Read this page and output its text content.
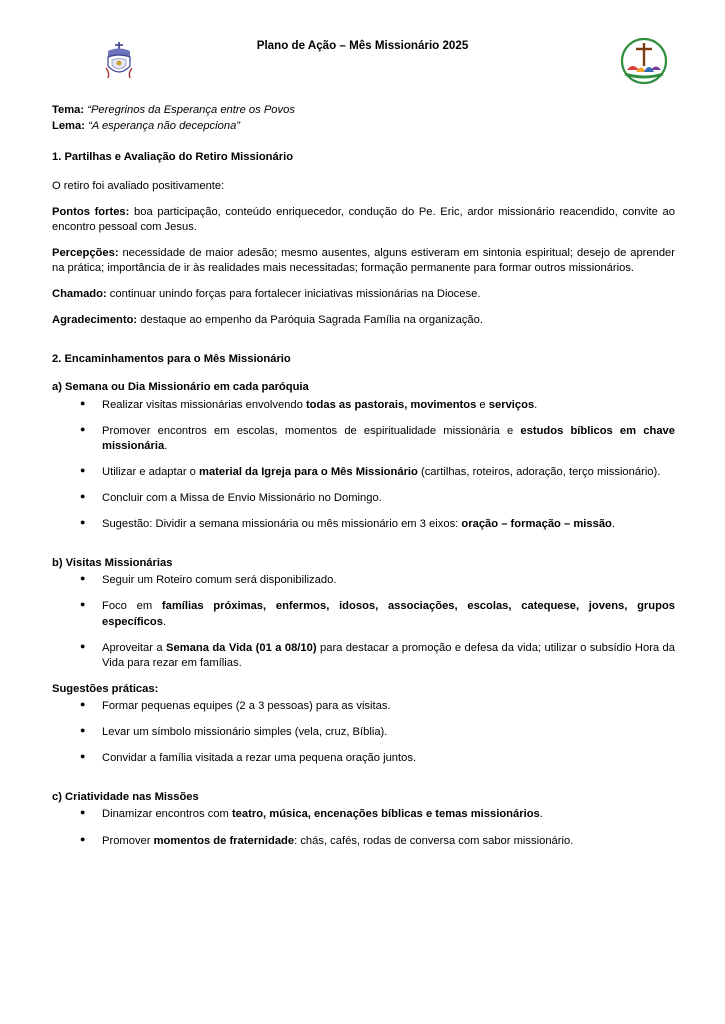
Plano de Ação – Mês Missionário 2025
Tema: “Peregrinos da Esperança entre os Povos
Lema: “A esperança não decepciona”

1. Partilhas e Avaliação do Retiro Missionário

O retiro foi avaliado positivamente:

Pontos fortes: boa participação, conteúdo enriquecedor, condução do Pe. Eric, ardor missionário reacendido, convite ao encontro pessoal com Jesus.

Percepções: necessidade de maior adesão; mesmo ausentes, alguns estiveram em sintonia espiritual; desejo de aprender na prática; importância de ir às realidades mais necessitadas; formação permanente para formar outros missionários.

Chamado: continuar unindo forças para fortalecer iniciativas missionárias na Diocese.

Agradecimento: destaque ao empenho da Paróquia Sagrada Família na organização.

2. Encaminhamentos para o Mês Missionário

a) Semana ou Dia Missionário em cada paróquia

● Realizar visitas missionárias envolvendo todas as pastorais, movimentos e serviços.
● Promover encontros em escolas, momentos de espiritualidade missionária e estudos bíblicos em chave missionária.
● Utilizar e adaptar o material da Igreja para o Mês Missionário (cartilhas, roteiros, adoração, terço missionário).
● Concluir com a Missa de Envio Missionário no Domingo.
● Sugestão: Dividir a semana missionária ou mês missionário em 3 eixos: oração – formação – missão.

b) Visitas Missionárias

● Seguir um Roteiro comum será disponibilizado.
● Foco em famílias próximas, enfermos, idosos, associações, escolas, catequese, jovens, grupos específicos.
● Aproveitar a Semana da Vida (01 a 08/10) para destacar a promoção e defesa da vida; utilizar o subsídio Hora da Vida para rezar em famílias.

Sugestões práticas:

● Formar pequenas equipes (2 a 3 pessoas) para as visitas.
● Levar um símbolo missionário simples (vela, cruz, Bíblia).
● Convidar a família visitada a rezar uma pequena oração juntos.

c) Criatividade nas Missões

● Dinamizar encontros com teatro, música, encenações bíblicas e temas missionários.
● Promover momentos de fraternidade: chás, cafés, rodas de conversa com sabor missionário.
